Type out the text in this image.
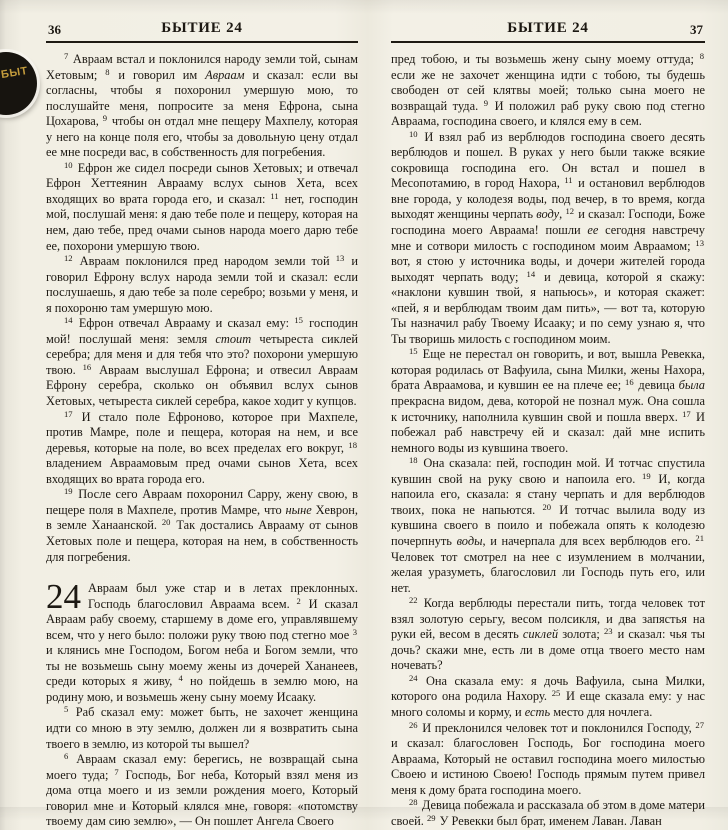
БЫТ
36	БЫТИЕ 24

$^7$ Авраам встал и поклонился народу земли той, сынам Хетовым; $^8$ и говорил им Авраам и сказал: если вы согласны, чтобы я похоронил умершую мою, то послушайте меня, попросите за меня Ефрона, сына Цохарова, $^9$ чтобы он отдал мне пещеру Махпелу, которая у него на конце поля его, чтобы за довольную цену отдал ее мне посреди вас, в собственность для погребения.

$^{10}$ Ефрон же сидел посреди сынов Хетовых; и отвечал Ефрон Хеттеянин Аврааму вслух сынов Хета, всех входящих во врата города его, и сказал: $^{11}$ нет, господин мой, послушай меня: я даю тебе поле и пещеру, которая на нем, даю тебе, пред очами сынов народа моего дарю тебе ее, похорони умершую твою.

$^{12}$ Авраам поклонился пред народом земли той $^{13}$ и говорил Ефрону вслух народа земли той и сказал: если послушаешь, я даю тебе за поле серебро; возьми у меня, и я похороню там умершую мою.

$^{14}$ Ефрон отвечал Аврааму и сказал ему: $^{15}$ господин мой! послушай меня: земля стоит четыреста сиклей серебра; для меня и для тебя что это? похорони умершую твою. $^{16}$ Авраам выслушал Ефрона; и отвесил Авраам Ефрону серебра, сколько он объявил вслух сынов Хетовых, четыреста сиклей серебра, какое ходит у купцов.

$^{17}$ И стало поле Ефроново, которое при Махпеле, против Мамре, поле и пещера, которая на нем, и все деревья, которые на поле, во всех пределах его вокруг, $^{18}$ владением Авраамовым пред очами сынов Хета, всех входящих во врата города его.

$^{19}$ После сего Авраам похоронил Сарру, жену свою, в пещере поля в Махпеле, против Мамре, что ныне Хеврон, в земле Ханаанской. $^{20}$ Так достались Аврааму от сынов Хетовых поле и пещера, которая на нем, в собственность для погребения.

24 Авраам был уже стар и в летах преклонных. Господь благословил Авраама всем. $^2$ И сказал Авраам рабу своему, старшему в доме его, управлявшему всем, что у него было: положи руку твою под стегно мое $^3$ и клянись мне Господом, Богом неба и Богом земли, что ты не возьмешь сыну моему жены из дочерей Хананеев, среди которых я живу, $^4$ но пойдешь в землю мою, на родину мою, и возьмешь жену сыну моему Исааку.

$^5$ Раб сказал ему: может быть, не захочет женщина идти со мною в эту землю, должен ли я возвратить сына твоего в землю, из которой ты вышел?

$^6$ Авраам сказал ему: берегись, не возвращай сына моего туда; $^7$ Господь, Бог неба, Который взял меня из дома отца моего и из земли рождения моего, Который говорил мне и Который клялся мне, говоря: «потомству твоему дам сию землю», — Он пошлет Ангела Своего

БЫТИЕ 24	37

пред тобою, и ты возьмешь жену сыну моему оттуда; $^8$ если же не захочет женщина идти с тобою, ты будешь свободен от сей клятвы моей; только сына моего не возвращай туда. $^9$ И положил раб руку свою под стегно Авраама, господина своего, и клялся ему в сем.

$^{10}$ И взял раб из верблюдов господина своего десять верблюдов и пошел. В руках у него были также всякие сокровища господина его. Он встал и пошел в Месопотамию, в город Нахора, $^{11}$ и остановил верблюдов вне города, у колодезя воды, под вечер, в то время, когда выходят женщины черпать воду, $^{12}$ и сказал: Господи, Боже господина моего Авраама! пошли ее сегодня навстречу мне и сотвори милость с господином моим Авраамом; $^{13}$ вот, я стою у источника воды, и дочери жителей города выходят черпать воду; $^{14}$ и девица, которой я скажу: «наклони кувшин твой, я напьюсь», и которая скажет: «пей, я и верблюдам твоим дам пить», — вот та, которую Ты назначил рабу Твоему Исааку; и по сему узнаю я, что Ты творишь милость с господином моим.

$^{15}$ Еще не перестал он говорить, и вот, вышла Ревекка, которая родилась от Вафуила, сына Милки, жены Нахора, брата Авраамова, и кувшин ее на плече ее; $^{16}$ девица была прекрасна видом, дева, которой не познал муж. Она сошла к источнику, наполнила кувшин свой и пошла вверх. $^{17}$ И побежал раб навстречу ей и сказал: дай мне испить немного воды из кувшина твоего.

$^{18}$ Она сказала: пей, господин мой. И тотчас спустила кувшин свой на руку свою и напоила его. $^{19}$ И, когда напоила его, сказала: я стану черпать и для верблюдов твоих, пока не напьются. $^{20}$ И тотчас вылила воду из кувшина своего в поило и побежала опять к колодезю почерпнуть воды, и начерпала для всех верблюдов его. $^{21}$ Человек тот смотрел на нее с изумлением в молчании, желая уразуметь, благословил ли Господь путь его, или нет.

$^{22}$ Когда верблюды перестали пить, тогда человек тот взял золотую серьгу, весом полсикля, и два запястья на руки ей, весом в десять сиклей золота; $^{23}$ и сказал: чья ты дочь? скажи мне, есть ли в доме отца твоего место нам ночевать?

$^{24}$ Она сказала ему: я дочь Вафуила, сына Милки, которого она родила Нахору. $^{25}$ И еще сказала ему: у нас много соломы и корму, и есть место для ночлега.

$^{26}$ И преклонился человек тот и поклонился Господу, $^{27}$ и сказал: благословен Господь, Бог господина моего Авраама, Который не оставил господина моего милостью Своею и истиною Своею! Господь прямым путем привел меня к дому брата господина моего.

$^{28}$ Девица побежала и рассказала об этом в доме матери своей. $^{29}$ У Ревекки был брат, именем Лаван. Лаван
